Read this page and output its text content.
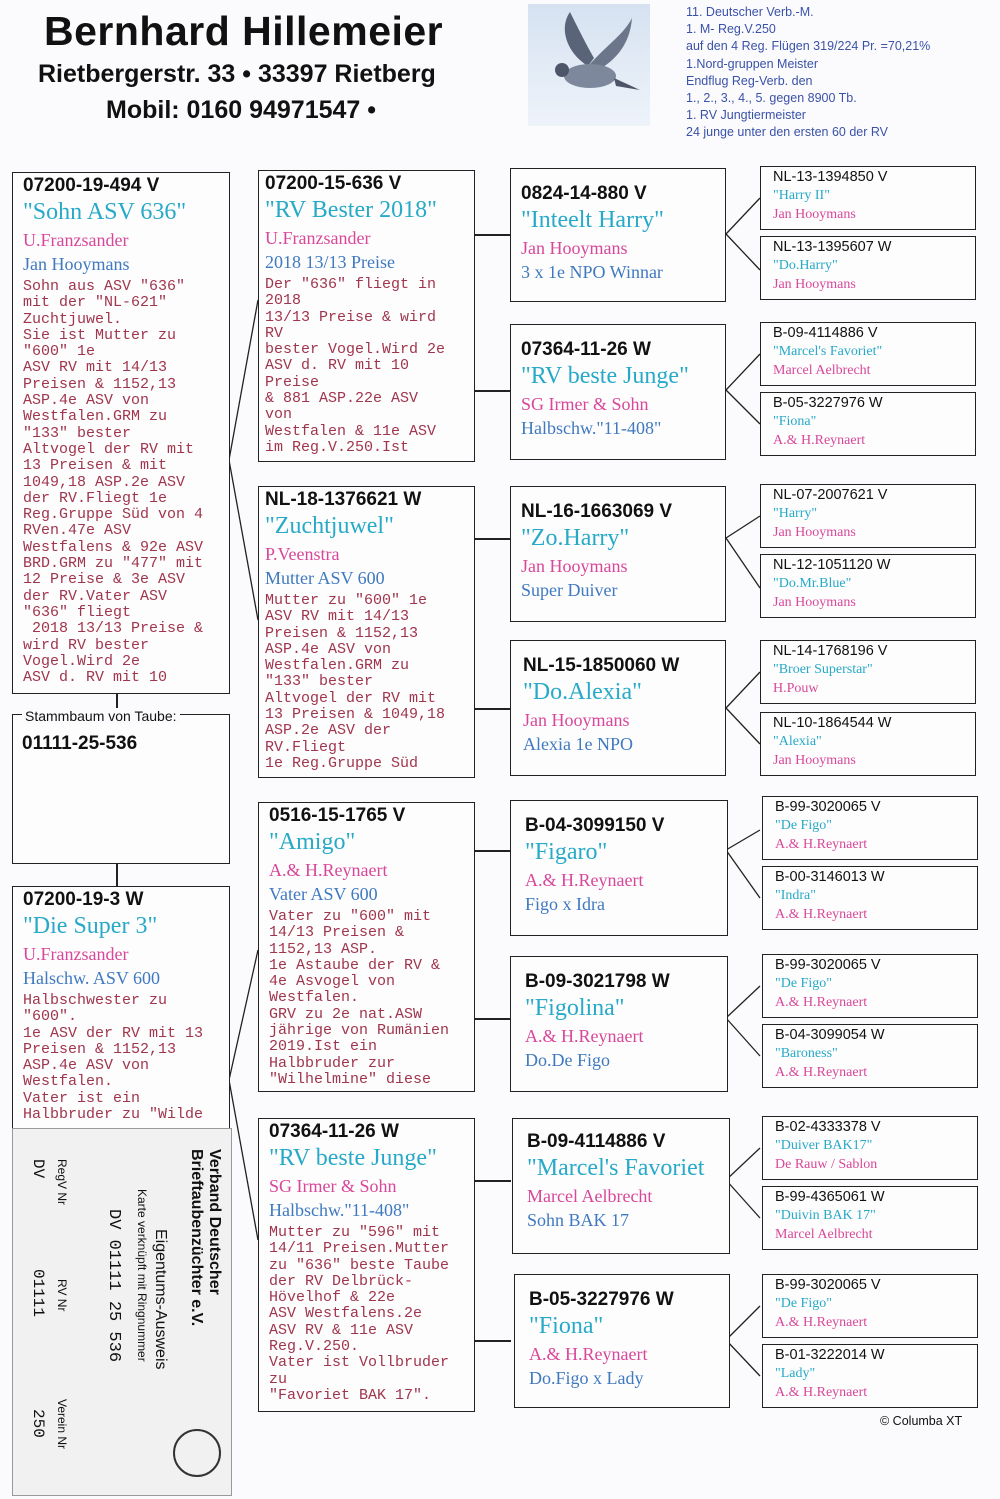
Bernhard Hillemeier
Rietbergerstr. 33 • 33397 Rietberg
Mobil: 0160 94971547 •
11. Deutscher Verb.-M.
1. M- Reg.V.250
auf den 4 Reg. Flügen 319/224 Pr. =70,21%
1.Nord-gruppen Meister
Endflug Reg-Verb. den
1., 2., 3., 4., 5. gegen 8900 Tb.
1. RV Jungtiermeister
24 junge unter den ersten 60 der RV
07200-19-494 V
"Sohn ASV 636"
U.Franzsander
Jan Hooymans
Sohn aus ASV "636"
mit der "NL-621"
Zuchtjuwel.
Sie ist Mutter zu
"600" 1e
ASV RV mit 14/13
Preisen & 1152,13
ASP.4e ASV von
Westfalen.GRM zu
"133" bester
Altvogel der RV mit
13 Preisen & mit
1049,18 ASP.2e ASV
der RV.Fliegt 1e
Reg.Gruppe Süd von 4
RVen.47e ASV
Westfalens & 92e ASV
BRD.GRM zu "477" mit
12 Preise & 3e ASV
der RV.Vater ASV
"636" fliegt
2018 13/13 Preise &
wird RV bester
Vogel.Wird 2e
ASV d. RV mit 10
Stammbaum von Taube:
01111-25-536
07200-19-3 W
"Die Super 3"
U.Franzsander
Halschw. ASV 600
Halbschwester zu
"600".
1e ASV der RV mit 13
Preisen & 1152,13
ASP.4e ASV von
Westfalen.
Vater ist ein
Halbbruder zu "Wilde
07200-15-636 V
"RV Bester 2018"
U.Franzsander
2018 13/13 Preise
Der "636" fliegt in
2018
13/13 Preise & wird
RV
bester Vogel.Wird 2e
ASV d. RV mit 10
Preise
& 881 ASP.22e ASV
von
Westfalen & 11e ASV
im Reg.V.250.Ist
NL-18-1376621 W
"Zuchtjuwel"
P.Veenstra
Mutter ASV 600
Mutter zu "600" 1e
ASV RV mit 14/13
Preisen & 1152,13
ASP.4e ASV von
Westfalen.GRM zu
"133" bester
Altvogel der RV mit
13 Preisen & 1049,18
ASP.2e ASV der
RV.Fliegt
1e Reg.Gruppe Süd
0516-15-1765 V
"Amigo"
A.& H.Reynaert
Vater ASV 600
Vater zu "600" mit
14/13 Preisen &
1152,13 ASP.
1e Astaube der RV &
4e Asvogel von
Westfalen.
GRV zu 2e nat.ASW
jährige von Rumänien
2019.Ist ein
Halbbruder zur
"Wilhelmine" diese
07364-11-26 W
"RV beste Junge"
SG Irmer & Sohn
Halbschw."11-408"
Mutter zu "596" mit
14/11 Preisen.Mutter
zu "636" beste Taube
der RV Delbrück-
Hövelhof & 22e
ASV Westfalens.2e
ASV RV & 11e ASV
Reg.V.250.
Vater ist Vollbruder
zu
"Favoriet BAK 17".
0824-14-880 V
"Inteelt Harry"
Jan Hooymans
3 x 1e NPO Winnar
07364-11-26 W
"RV beste Junge"
SG Irmer & Sohn
Halbschw."11-408"
NL-16-1663069 V
"Zo.Harry"
Jan Hooymans
Super Duiver
NL-15-1850060 W
"Do.Alexia"
Jan Hooymans
Alexia 1e NPO
B-04-3099150 V
"Figaro"
A.& H.Reynaert
Figo x Idra
B-09-3021798 W
"Figolina"
A.& H.Reynaert
Do.De Figo
B-09-4114886 V
"Marcel's Favoriet
Marcel Aelbrecht
Sohn BAK 17
B-05-3227976 W
"Fiona"
A.& H.Reynaert
Do.Figo x Lady
NL-13-1394850 V
"Harry II"
Jan Hooymans
NL-13-1395607 W
"Do.Harry"
Jan Hooymans
B-09-4114886 V
"Marcel's Favoriet"
Marcel Aelbrecht
B-05-3227976 W
"Fiona"
A.& H.Reynaert
NL-07-2007621 V
"Harry"
Jan Hooymans
NL-12-1051120 W
"Do.Mr.Blue"
Jan Hooymans
NL-14-1768196 V
"Broer Superstar"
H.Pouw
NL-10-1864544 W
"Alexia"
Jan Hooymans
B-99-3020065 V
"De Figo"
A.& H.Reynaert
B-00-3146013 W
"Indra"
A.& H.Reynaert
B-99-3020065 V
"De Figo"
A.& H.Reynaert
B-04-3099054 W
"Baroness"
A.& H.Reynaert
B-02-4333378 V
"Duiver BAK17"
De Rauw / Sablon
B-99-4365061 W
"Duivin BAK 17"
Marcel Aelbrecht
B-99-3020065 V
"De Figo"
A.& H.Reynaert
B-01-3222014 W
"Lady"
A.& H.Reynaert
Verband Deutscher
Brieftaubenzüchter e.V.
Eigentums-Ausweis
Karte verknüpft mit Ringnummer
DV 01111 25 536
RegV Nr
RV Nr
Verein Nr
DV
01111
250	© Columba XT
